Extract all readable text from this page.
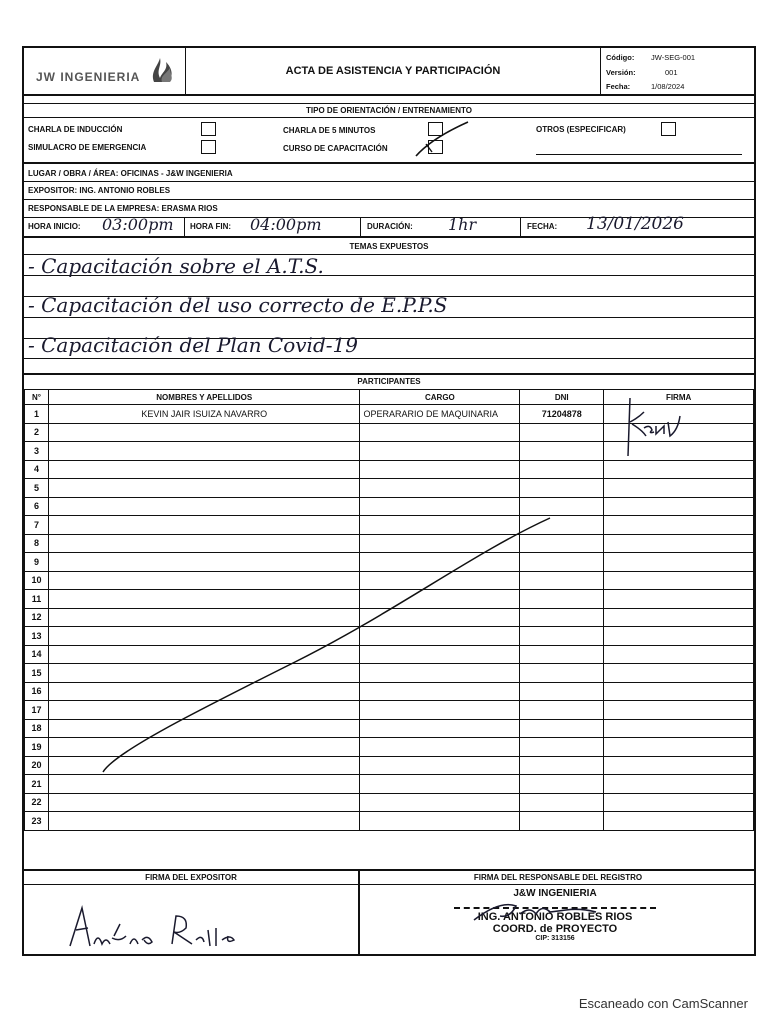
JW INGENIERIA	ACTA DE ASISTENCIA Y PARTICIPACIÓN
Código: JW-SEG-001
Versión:	001
Fecha:	1/08/2024
TIPO DE ORIENTACIÓN / ENTRENAMIENTO
CHARLA DE INDUCCIÓN
SIMULACRO DE EMERGENCIA
CHARLA DE 5 MINUTOS
CURSO DE CAPACITACIÓN
OTROS (ESPECIFICAR)
LUGAR / OBRA / ÁREA: OFICINAS - J&W INGENIERIA
EXPOSITOR: ING. ANTONIO ROBLES
RESPONSABLE DE LA EMPRESA: ERASMA RIOS
HORA INICIO: 03:00pm HORA FIN: 04:00pm	DURACIÓN: 1hr	FECHA: 13/01/2026
TEMAS EXPUESTOS
- Capacitación sobre el A.T.S.
- Capacitación del uso correcto de E.P.P.S
- Capacitación del Plan Covid-19
PARTICIPANTES
N°	NOMBRES Y APELLIDOS	CARGO	DNI	FIRMA
1	KEVIN JAIR ISUIZA NAVARRO	OPERARARIO DE MAQUINARIA	71204878	
2				
3				
4				
5				
6				
7				
8				
9				
10				
11				
12				
13				
14				
15				
16				
17				
18				
19				
20				
21				
22				
23				
FIRMA DEL EXPOSITOR	FIRMA DEL RESPONSABLE DEL REGISTRO
J&W INGENIERIA
ING. ANTONIO ROBLES RIOS
COORD. de PROYECTO
CIP: 313156
Escaneado con CamScanner
